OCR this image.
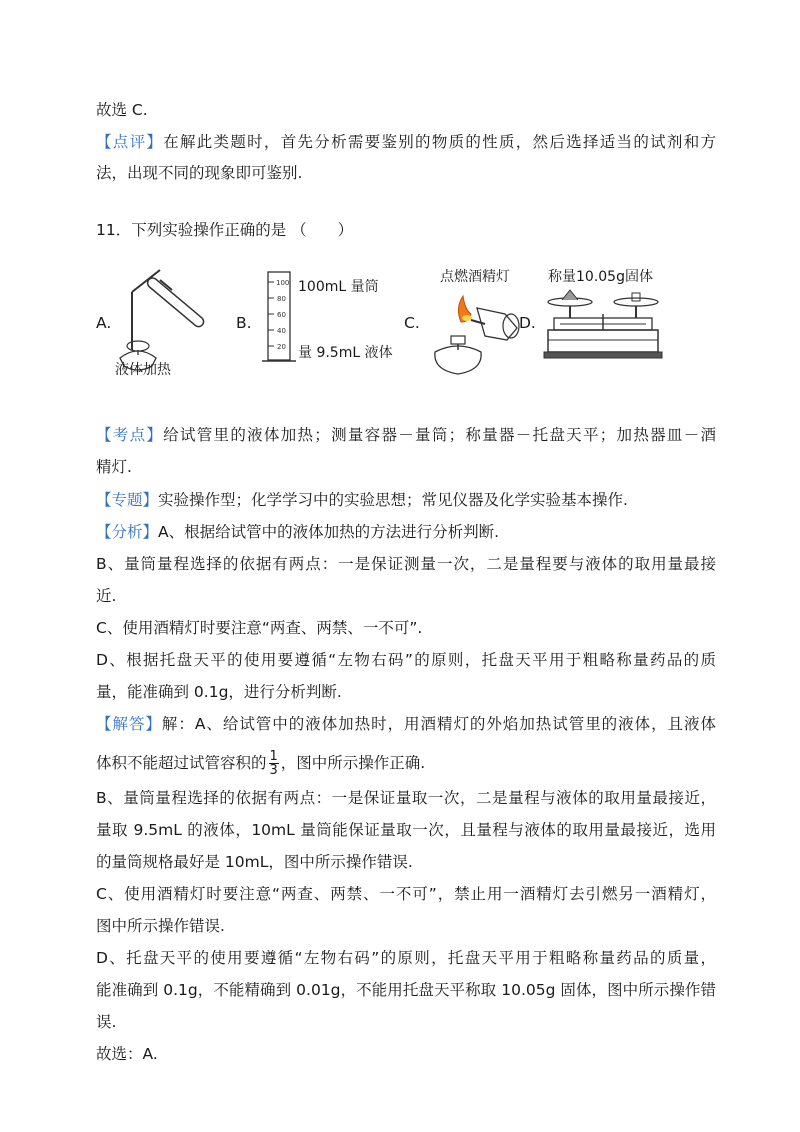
故选 C.
【点评】在解此类题时，首先分析需要鉴别的物质的性质，然后选择适当的试剂和方
法，出现不同的现象即可鉴别.
11．下列实验操作正确的是 （　　）
A.	B.	C.	D.
液体加热
100
80
60
40
20
100mL 量筒
量 9.5mL 液体
点燃酒精灯	称量10.05g固体
【考点】给试管里的液体加热；测量容器－量筒；称量器－托盘天平；加热器皿－酒
精灯.
【专题】实验操作型；化学学习中的实验思想；常见仪器及化学实验基本操作.
【分析】A、根据给试管中的液体加热的方法进行分析判断.
B、量筒量程选择的依据有两点：一是保证测量一次，二是量程要与液体的取用量最接
近.
C、使用酒精灯时要注意“两查、两禁、一不可”.
D、根据托盘天平的使用要遵循“左物右码”的原则，托盘天平用于粗略称量药品的质
量，能准确到 0.1g，进行分析判断.
【解答】解：A、给试管中的液体加热时，用酒精灯的外焰加热试管里的液体，且液体
体积不能超过试管容积的 $\frac{1}{3}$ ，图中所示操作正确.
B、量筒量程选择的依据有两点：一是保证量取一次，二是量程与液体的取用量最接近，
量取 9.5mL 的液体，10mL 量筒能保证量取一次，且量程与液体的取用量最接近，选用
的量筒规格最好是 10mL，图中所示操作错误.
C、使用酒精灯时要注意“两查、两禁、一不可”，禁止用一酒精灯去引燃另一酒精灯，
图中所示操作错误.
D、托盘天平的使用要遵循“左物右码”的原则，托盘天平用于粗略称量药品的质量，
能准确到 0.1g，不能精确到 0.01g，不能用托盘天平称取 10.05g 固体，图中所示操作错
误.
故选：A.
